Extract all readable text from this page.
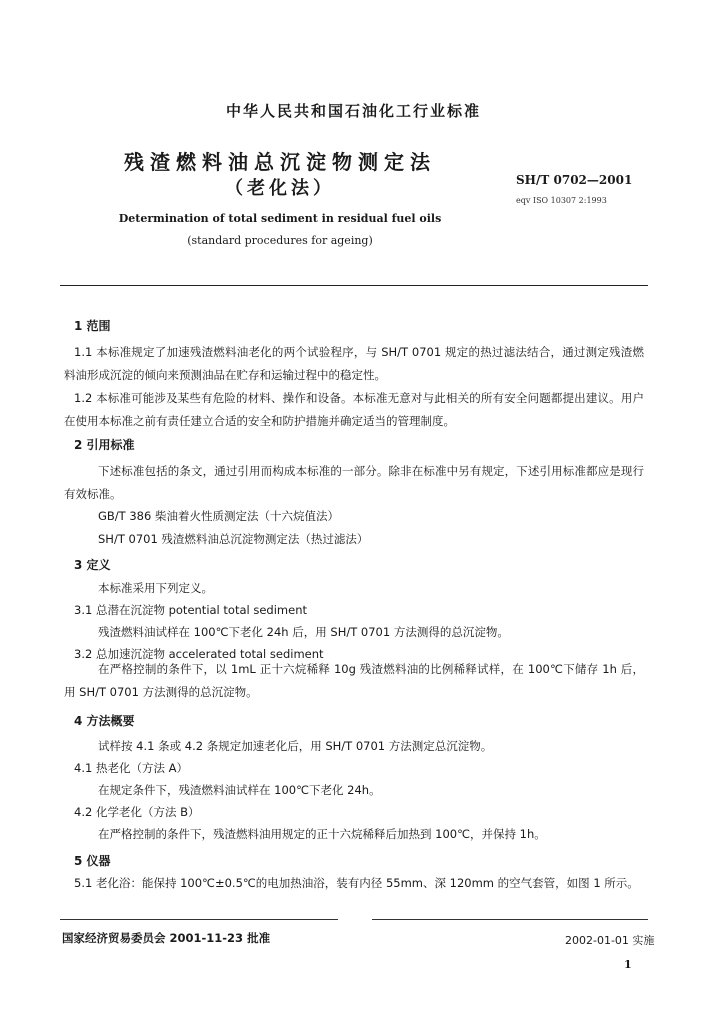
中华人民共和国石油化工行业标准
残渣燃料油总沉淀物测定法
（老化法）	SH/T 0702—2001
eqv ISO 10307 2:1993
Determination of total sediment in residual fuel oils
(standard procedures for ageing)
1 范围
1.1 本标准规定了加速残渣燃料油老化的两个试验程序，与 SH/T 0701 规定的热过滤法结合，通过测定残渣燃料油形成沉淀的倾向来预测油品在贮存和运输过程中的稳定性。
1.2 本标准可能涉及某些有危险的材料、操作和设备。本标准无意对与此相关的所有安全问题都提出建议。用户在使用本标准之前有责任建立合适的安全和防护措施并确定适当的管理制度。
2 引用标准
下述标准包括的条文，通过引用而构成本标准的一部分。除非在标准中另有规定，下述引用标准都应是现行有效标准。
GB/T 386 柴油着火性质测定法（十六烷值法）
SH/T 0701 残渣燃料油总沉淀物测定法（热过滤法）
3 定义
本标准采用下列定义。
3.1 总潜在沉淀物 potential total sediment
残渣燃料油试样在 100℃下老化 24h 后，用 SH/T 0701 方法测得的总沉淀物。
3.2 总加速沉淀物 accelerated total sediment
在严格控制的条件下，以 1mL 正十六烷稀释 10g 残渣燃料油的比例稀释试样，在 100℃下储存 1h 后，用 SH/T 0701 方法测得的总沉淀物。
4 方法概要
试样按 4.1 条或 4.2 条规定加速老化后，用 SH/T 0701 方法测定总沉淀物。
4.1 热老化（方法 A）
在规定条件下，残渣燃料油试样在 100℃下老化 24h。
4.2 化学老化（方法 B）
在严格控制的条件下，残渣燃料油用规定的正十六烷稀释后加热到 100℃，并保持 1h。
5 仪器
5.1 老化浴：能保持 100℃±0.5℃的电加热油浴，装有内径 55mm、深 120mm 的空气套管，如图 1 所示。
国家经济贸易委员会 2001-11-23 批准	2002-01-01 实施
1
